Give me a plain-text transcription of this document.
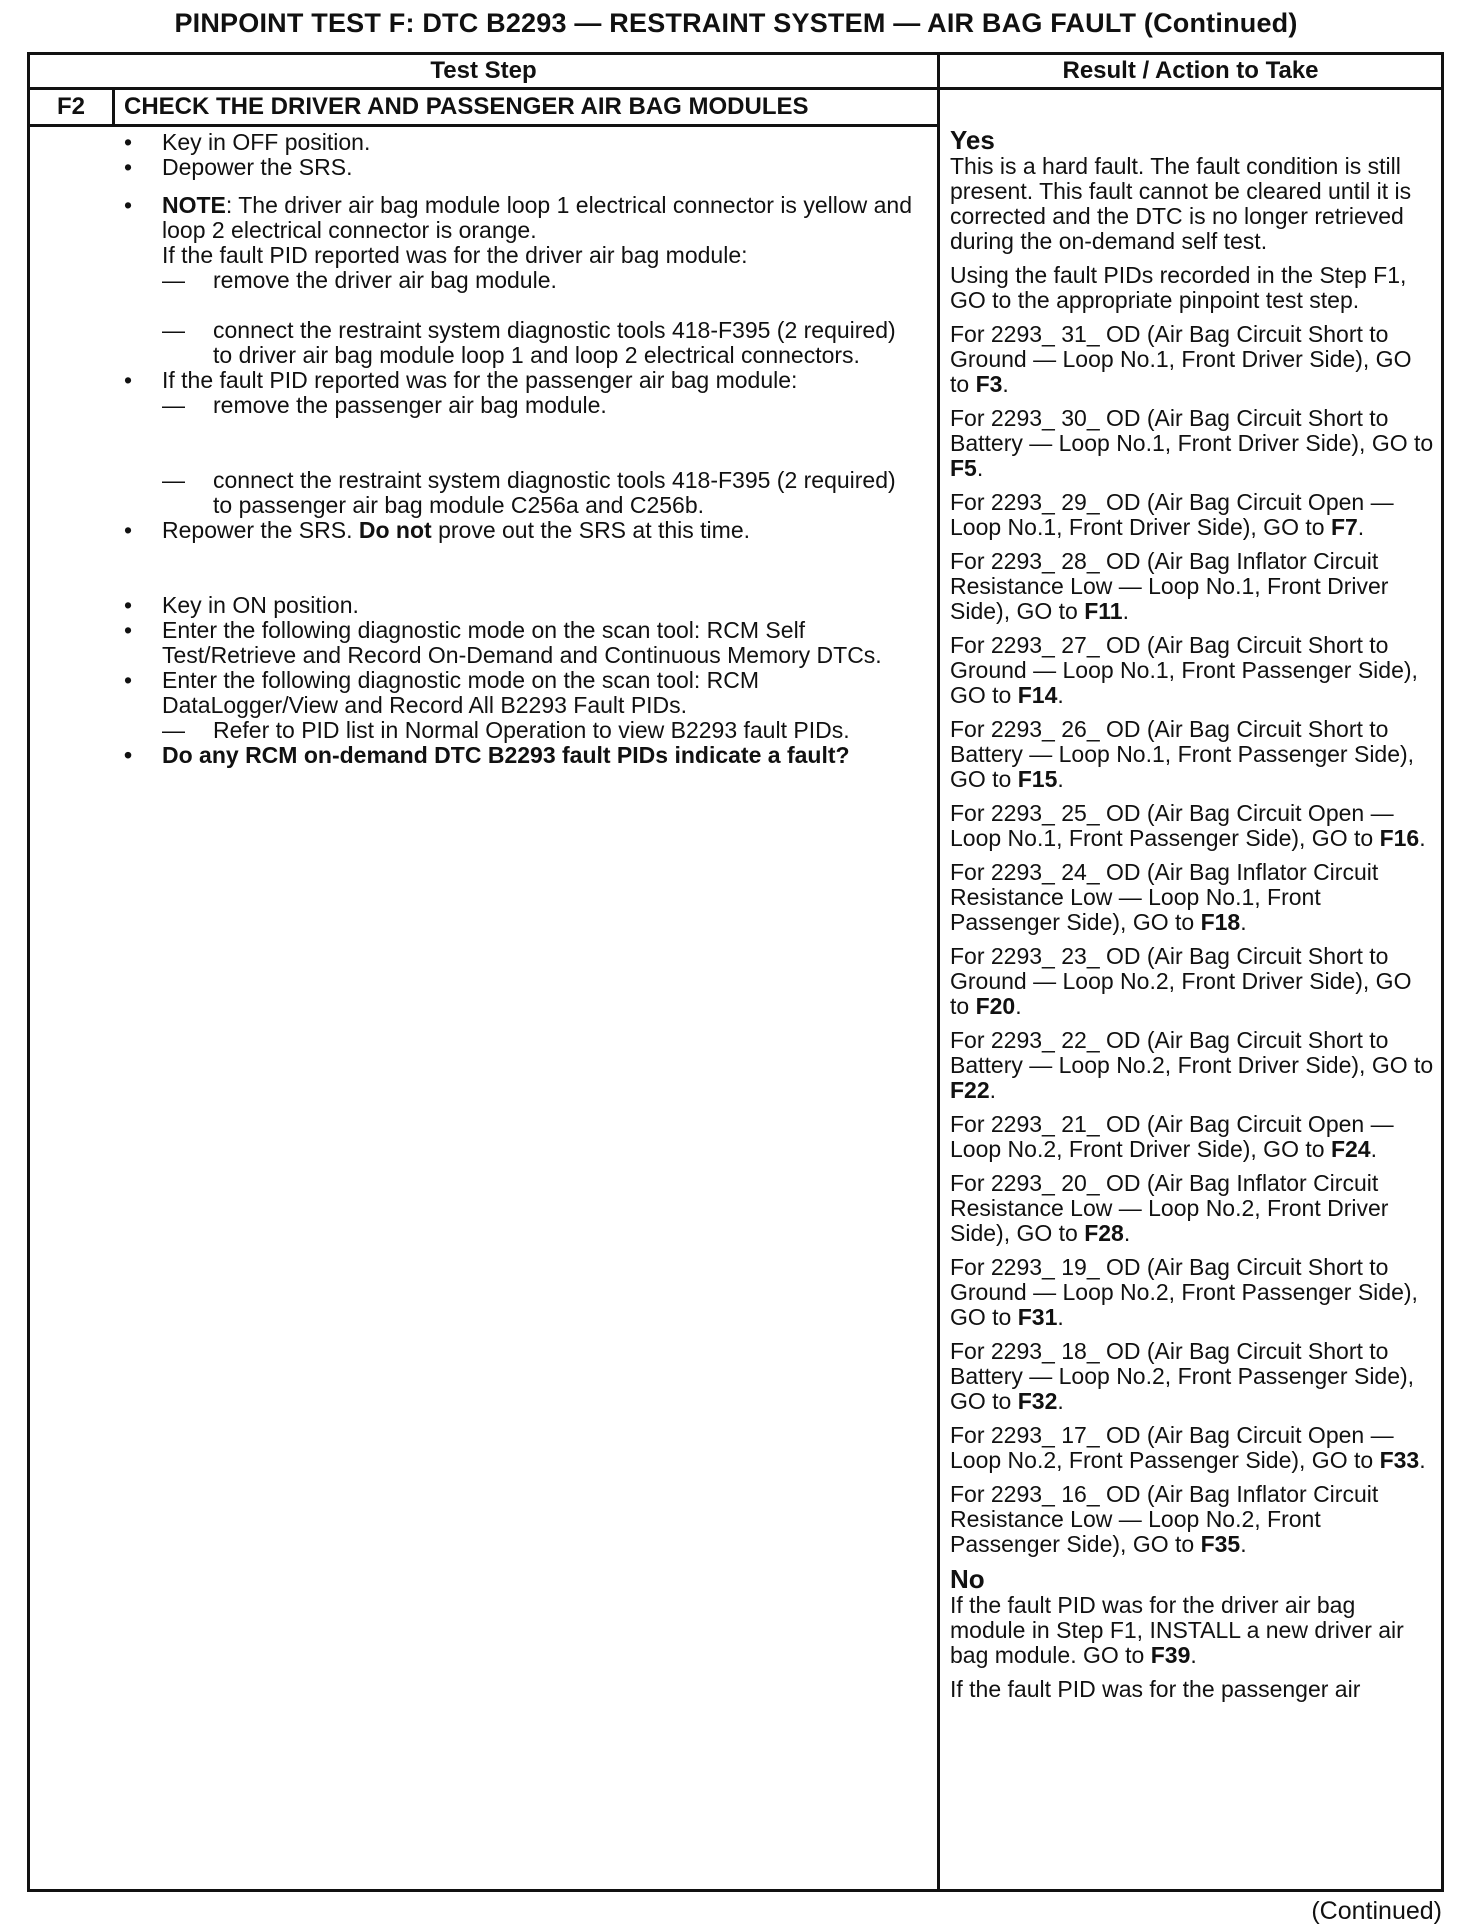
PINPOINT TEST F: DTC B2293 — RESTRAINT SYSTEM — AIR BAG FAULT (Continued)
Test Step	Result / Action to Take
F2	CHECK THE DRIVER AND PASSENGER AIR BAG MODULES
• Key in OFF position.
• Depower the SRS.
• NOTE: The driver air bag module loop 1 electrical connector is yellow and loop 2 electrical connector is orange.
If the fault PID reported was for the driver air bag module:
— remove the driver air bag module.
— connect the restraint system diagnostic tools 418-F395 (2 required) to driver air bag module loop 1 and loop 2 electrical connectors.
• If the fault PID reported was for the passenger air bag module:
— remove the passenger air bag module.
— connect the restraint system diagnostic tools 418-F395 (2 required) to passenger air bag module C256a and C256b.
• Repower the SRS. Do not prove out the SRS at this time.
• Key in ON position.
• Enter the following diagnostic mode on the scan tool: RCM Self Test/Retrieve and Record On-Demand and Continuous Memory DTCs.
• Enter the following diagnostic mode on the scan tool: RCM DataLogger/View and Record All B2293 Fault PIDs.
— Refer to PID list in Normal Operation to view B2293 fault PIDs.
• Do any RCM on-demand DTC B2293 fault PIDs indicate a fault?
Yes
This is a hard fault. The fault condition is still present. This fault cannot be cleared until it is corrected and the DTC is no longer retrieved during the on-demand self test.
Using the fault PIDs recorded in the Step F1, GO to the appropriate pinpoint test step.
For 2293_ 31_ OD (Air Bag Circuit Short to Ground — Loop No.1, Front Driver Side), GO to F3.
For 2293_ 30_ OD (Air Bag Circuit Short to Battery — Loop No.1, Front Driver Side), GO to F5.
For 2293_ 29_ OD (Air Bag Circuit Open — Loop No.1, Front Driver Side), GO to F7.
For 2293_ 28_ OD (Air Bag Inflator Circuit Resistance Low — Loop No.1, Front Driver Side), GO to F11.
For 2293_ 27_ OD (Air Bag Circuit Short to Ground — Loop No.1, Front Passenger Side), GO to F14.
For 2293_ 26_ OD (Air Bag Circuit Short to Battery — Loop No.1, Front Passenger Side), GO to F15.
For 2293_ 25_ OD (Air Bag Circuit Open — Loop No.1, Front Passenger Side), GO to F16.
For 2293_ 24_ OD (Air Bag Inflator Circuit Resistance Low — Loop No.1, Front Passenger Side), GO to F18.
For 2293_ 23_ OD (Air Bag Circuit Short to Ground — Loop No.2, Front Driver Side), GO to F20.
For 2293_ 22_ OD (Air Bag Circuit Short to Battery — Loop No.2, Front Driver Side), GO to F22.
For 2293_ 21_ OD (Air Bag Circuit Open — Loop No.2, Front Driver Side), GO to F24.
For 2293_ 20_ OD (Air Bag Inflator Circuit Resistance Low — Loop No.2, Front Driver Side), GO to F28.
For 2293_ 19_ OD (Air Bag Circuit Short to Ground — Loop No.2, Front Passenger Side), GO to F31.
For 2293_ 18_ OD (Air Bag Circuit Short to Battery — Loop No.2, Front Passenger Side), GO to F32.
For 2293_ 17_ OD (Air Bag Circuit Open — Loop No.2, Front Passenger Side), GO to F33.
For 2293_ 16_ OD (Air Bag Inflator Circuit Resistance Low — Loop No.2, Front Passenger Side), GO to F35.
No
If the fault PID was for the driver air bag module in Step F1, INSTALL a new driver air bag module. GO to F39.
If the fault PID was for the passenger air
(Continued)
